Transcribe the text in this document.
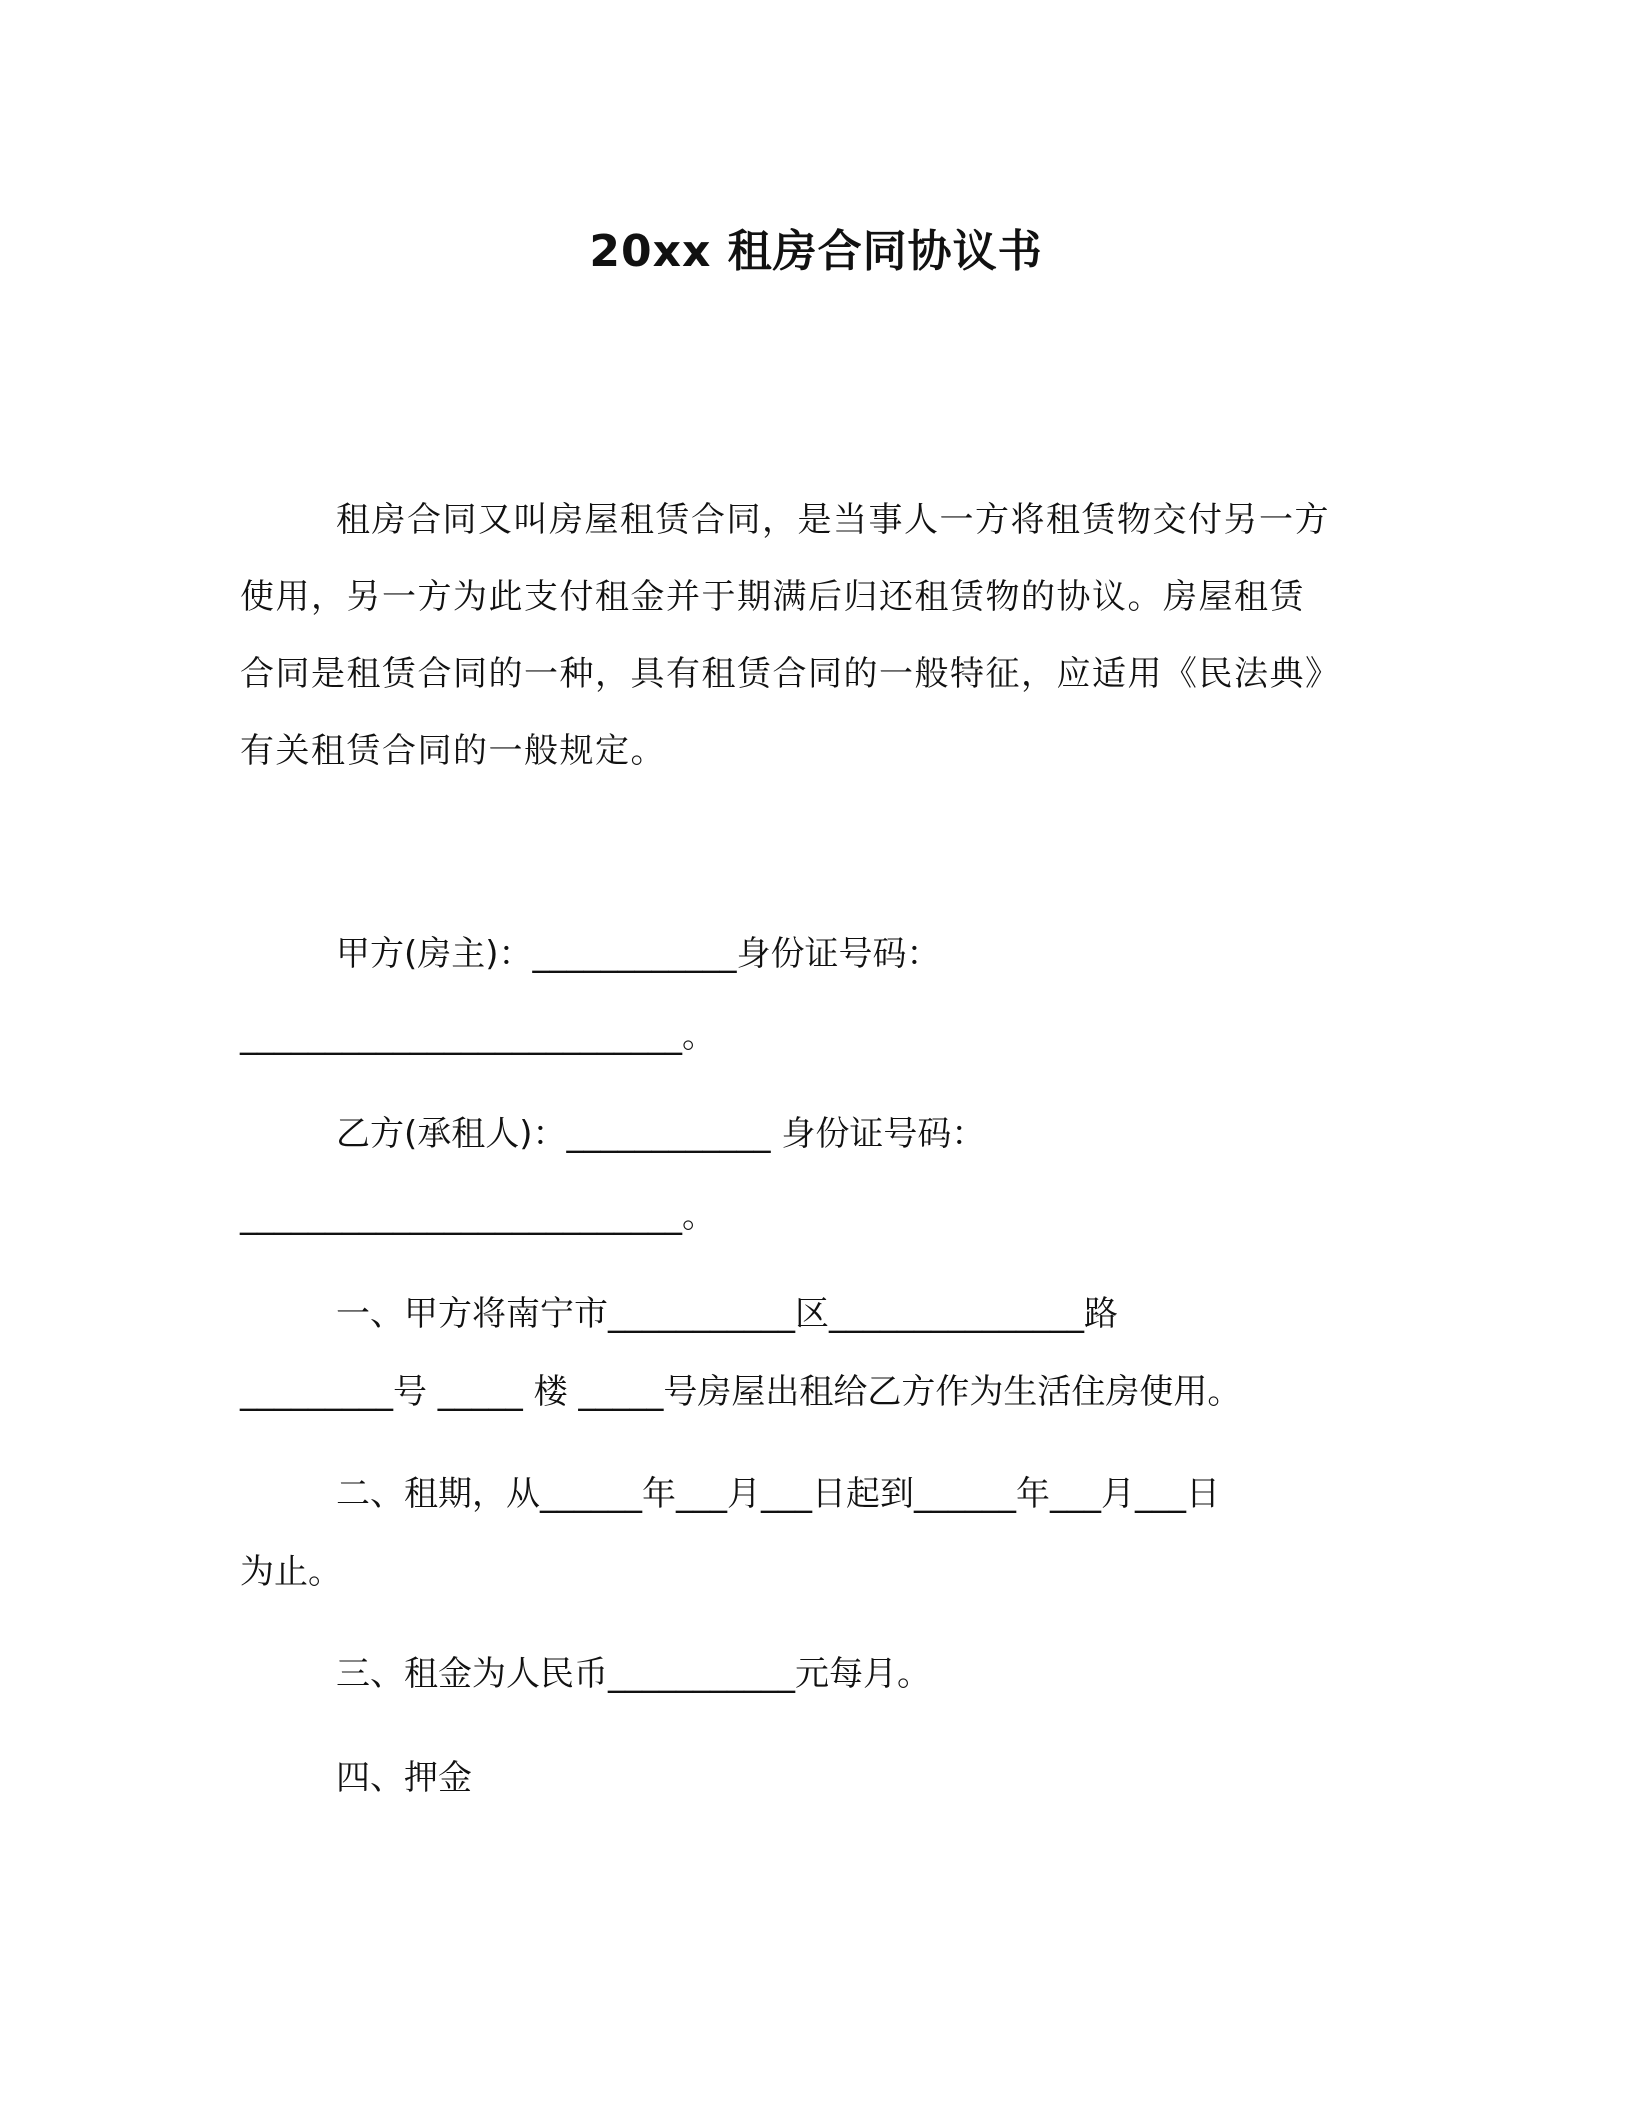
20xx 租房合同协议书
租房合同又叫房屋租赁合同，是当事人一方将租赁物交付另一方
使用，另一方为此支付租金并于期满后归还租赁物的协议。房屋租赁
合同是租赁合同的一种，具有租赁合同的一般特征，应适用《民法典》
有关租赁合同的一般规定。
甲方(房主)：____________身份证号码：
__________________________。
乙方(承租人)：____________ 身份证号码：
__________________________。
一、甲方将南宁市___________区_______________路
_________号 _____ 楼 _____号房屋出租给乙方作为生活住房使用。
二、租期，从______年___月___日起到______年___月___日
为止。
三、租金为人民币___________元每月。
四、押金
